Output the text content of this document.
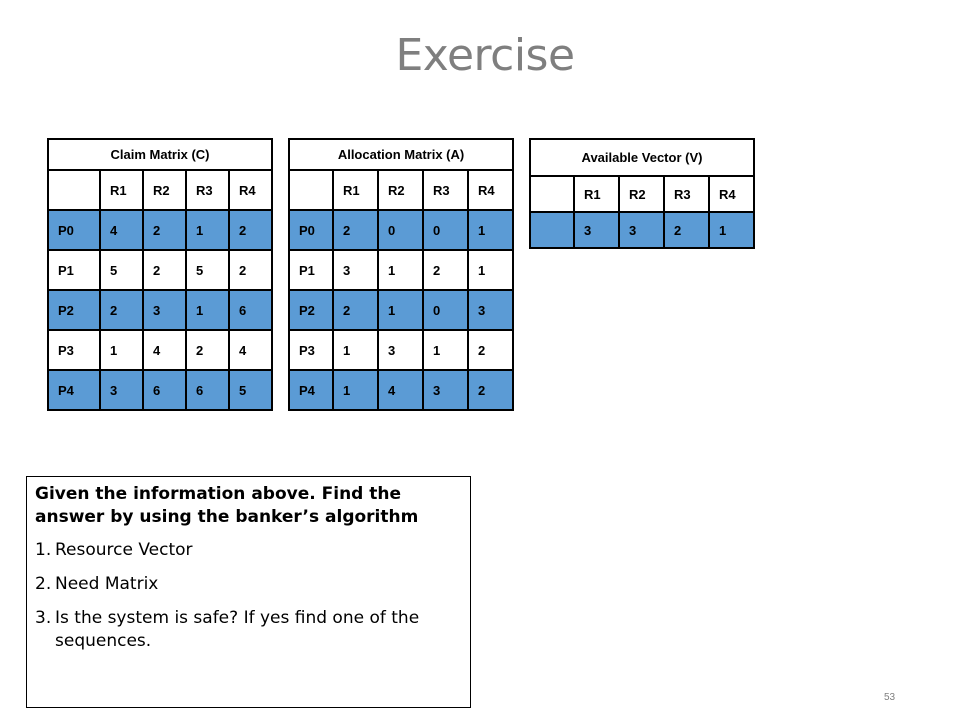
Exercise
Claim Matrix (C)				
	R1	R2	R3	R4
P0	4	2	1	2
P1	5	2	5	2
P2	2	3	1	6
P3	1	4	2	4
P4	3	6	6	5
Allocation Matrix (A)				
	R1	R2	R3	R4
P0	2	0	0	1
P1	3	1	2	1
P2	2	1	0	3
P3	1	3	1	2
P4	1	4	3	2
Available Vector (V)				
	R1	R2	R3	R4
	3	3	2	1
Given the information above. Find the answer by using the banker’s algorithm
1. Resource Vector
2. Need Matrix
3. Is the system is safe? If yes find one of the sequences.
53
